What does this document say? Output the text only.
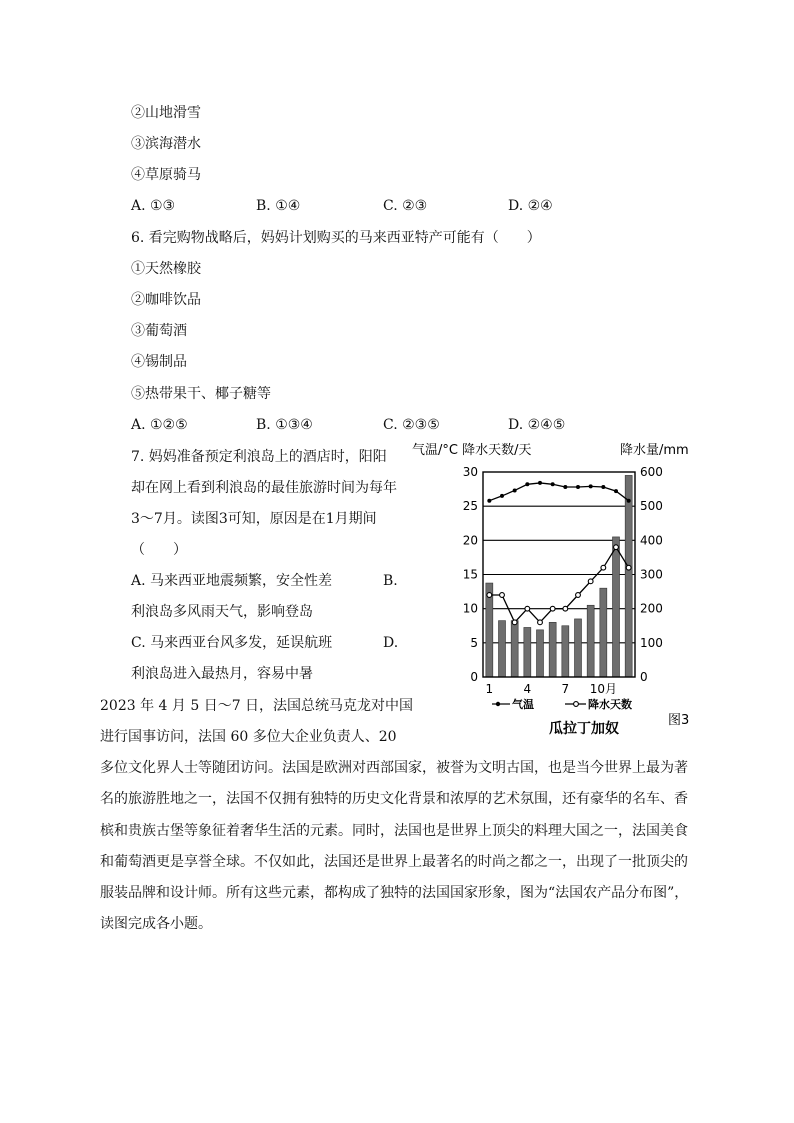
②山地滑雪
③滨海潜水
④草原骑马
A. ①③	B. ①④	C. ②③	D. ②④
6. 看完购物战略后，妈妈计划购买的马来西亚特产可能有（　　）
①天然橡胶
②咖啡饮品
③葡萄酒
④锡制品
⑤热带果干、椰子糖等
A. ①②⑤	B. ①③④	C. ②③⑤	D. ②④⑤
7. 妈妈准备预定利浪岛上的酒店时，阳阳
却在网上看到利浪岛的最佳旅游时间为每年
3～7月。读图3可知，原因是在1月期间
（　　）
A. 马来西亚地震频繁，安全性差	B.
利浪岛多风雨天气，影响登岛
C. 马来西亚台风多发，延误航班	D.
利浪岛进入最热月，容易中暑
2023 年 4 月 5 日～7 日，法国总统马克龙对中国
进行国事访问，法国 60 多位大企业负责人、20
多位文化界人士等随团访问。法国是欧洲对西部国家，被誉为文明古国，也是当今世界上最为著
名的旅游胜地之一，法国不仅拥有独特的历史文化背景和浓厚的艺术氛围，还有豪华的名车、香
槟和贵族古堡等象征着奢华生活的元素。同时，法国也是世界上顶尖的料理大国之一，法国美食
和葡萄酒更是享誉全球。不仅如此，法国还是世界上最著名的时尚之都之一，出现了一批顶尖的
服装品牌和设计师。所有这些元素，都构成了独特的法国国家形象，图为“法国农产品分布图”，
读图完成各小题。
气温/°C 降水天数/天	降水量/mm
30	600
25	500
20	400
15	300
10	200
5	100
0	0
1	4	7 10月
气温	降水天数
瓜拉丁加奴
图3
